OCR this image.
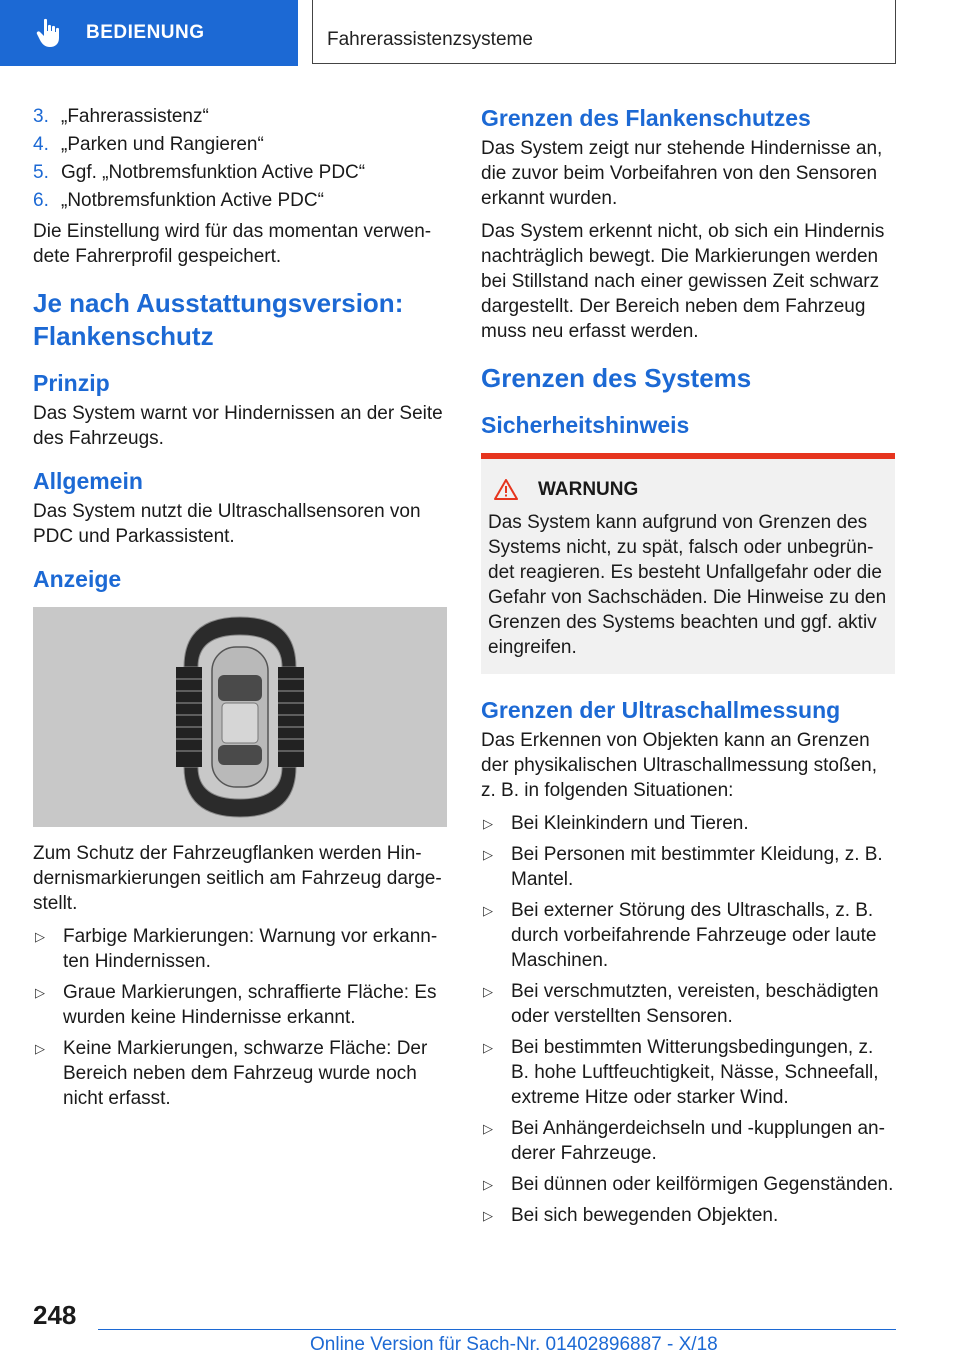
BEDIENUNG	Fahrerassistenzsysteme
3. „Fahrerassistenz“
4. „Parken und Rangieren“
5. Ggf. „Notbremsfunktion Active PDC“
6. „Notbremsfunktion Active PDC“

Die Einstellung wird für das momentan verwen-dete Fahrerprofil gespeichert.

Je nach Ausstattungsversion: Flankenschutz
Prinzip

Das System warnt vor Hindernissen an der Seite des Fahrzeugs.

Allgemein

Das System nutzt die Ultraschallsensoren von PDC und Parkassistent.

Anzeige

Zum Schutz der Fahrzeugflanken werden Hin-dernismarkierungen seitlich am Fahrzeug darge-stellt.

▷ Farbige Markierungen: Warnung vor erkann-ten Hindernissen.
▷ Graue Markierungen, schraffierte Fläche: Es wurden keine Hindernisse erkannt.
▷ Keine Markierungen, schwarze Fläche: Der Bereich neben dem Fahrzeug wurde noch nicht erfasst.
Grenzen des Flankenschutzes

Das System zeigt nur stehende Hindernisse an, die zuvor beim Vorbeifahren von den Sensoren erkannt wurden.

Das System erkennt nicht, ob sich ein Hindernis nachträglich bewegt. Die Markierungen werden bei Stillstand nach einer gewissen Zeit schwarz dargestellt. Der Bereich neben dem Fahrzeug muss neu erfasst werden.

Grenzen des Systems
Sicherheitshinweis
WARNUNG

Das System kann aufgrund von Grenzen des Systems nicht, zu spät, falsch oder unbegrün-det reagieren. Es besteht Unfallgefahr oder die Gefahr von Sachschäden. Die Hinweise zu den Grenzen des Systems beachten und ggf. aktiv eingreifen.

Grenzen der Ultraschallmessung

Das Erkennen von Objekten kann an Grenzen der physikalischen Ultraschallmessung stoßen, z. B. in folgenden Situationen:

▷ Bei Kleinkindern und Tieren.
▷ Bei Personen mit bestimmter Kleidung, z. B. Mantel.
▷ Bei externer Störung des Ultraschalls, z. B. durch vorbeifahrende Fahrzeuge oder laute Maschinen.
▷ Bei verschmutzten, vereisten, beschädigten oder verstellten Sensoren.
▷ Bei bestimmten Witterungsbedingungen, z. B. hohe Luftfeuchtigkeit, Nässe, Schneefall, extreme Hitze oder starker Wind.
▷ Bei Anhängerdeichseln und -kupplungen an-derer Fahrzeuge.
▷ Bei dünnen oder keilförmigen Gegenständen.
▷ Bei sich bewegenden Objekten.
248
Online Version für Sach-Nr. 01402896887 - X/18
